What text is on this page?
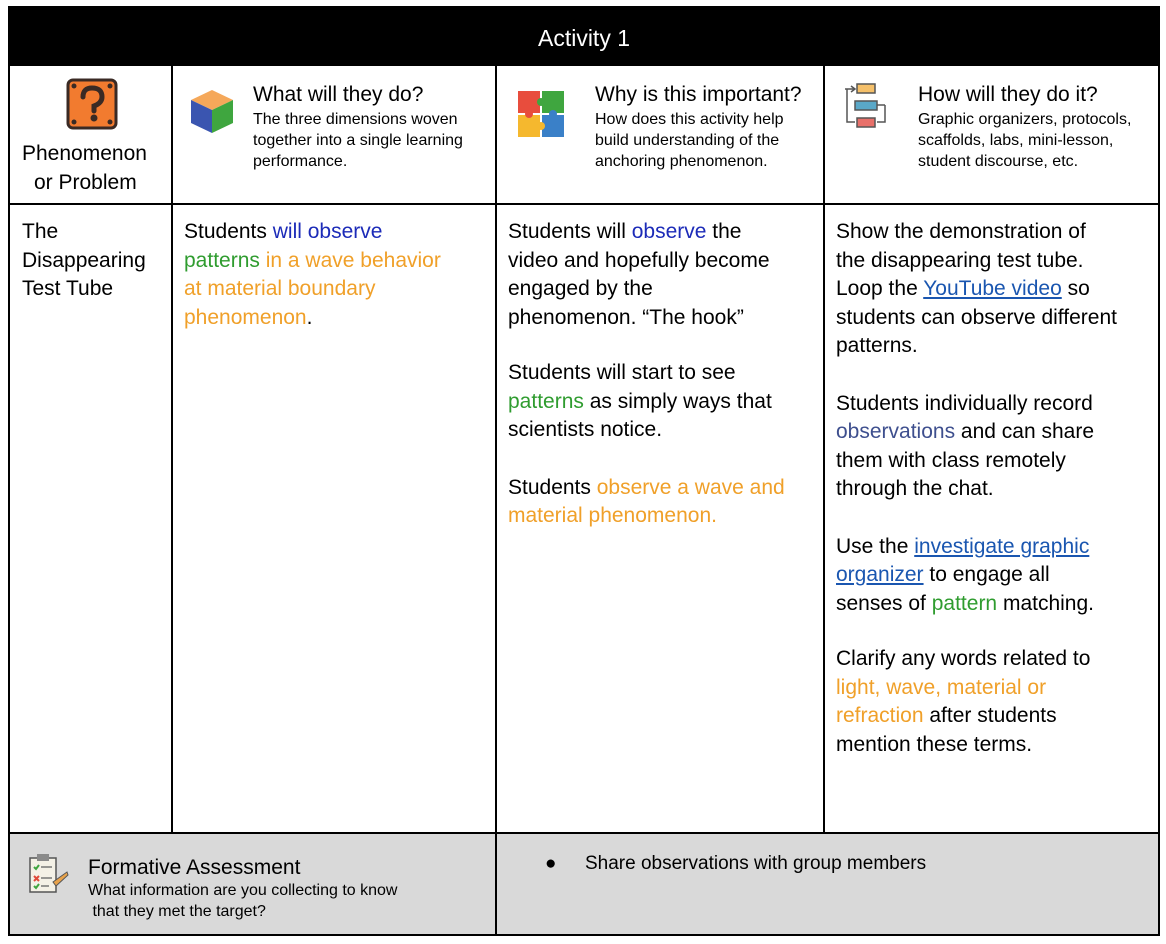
Activity 1
Phenomenon
or Problem
What will they do?
The three dimensions woven
together into a single learning
performance.
Why is this important?
How does this activity help
build understanding of the
anchoring phenomenon.
How will they do it?
Graphic organizers, protocols,
scaffolds, labs, mini-lesson,
student discourse, etc.
The
Disappearing
Test Tube
Students will observe
patterns in a wave behavior
at material boundary
phenomenon.
Students will observe the
video and hopefully become
engaged by the
phenomenon. “The hook”
Students will start to see
patterns as simply ways that
scientists notice.
Students observe a wave and
material phenomenon.
Show the demonstration of
the disappearing test tube.
Loop the YouTube video so
students can observe different
patterns.
Students individually record
observations and can share
them with class remotely
through the chat.
Use the investigate graphic
organizer to engage all
senses of pattern matching.
Clarify any words related to
light, wave, material or
refraction after students
mention these terms.
Formative Assessment
What information are you collecting to know
that they met the target?
●	Share observations with group members
